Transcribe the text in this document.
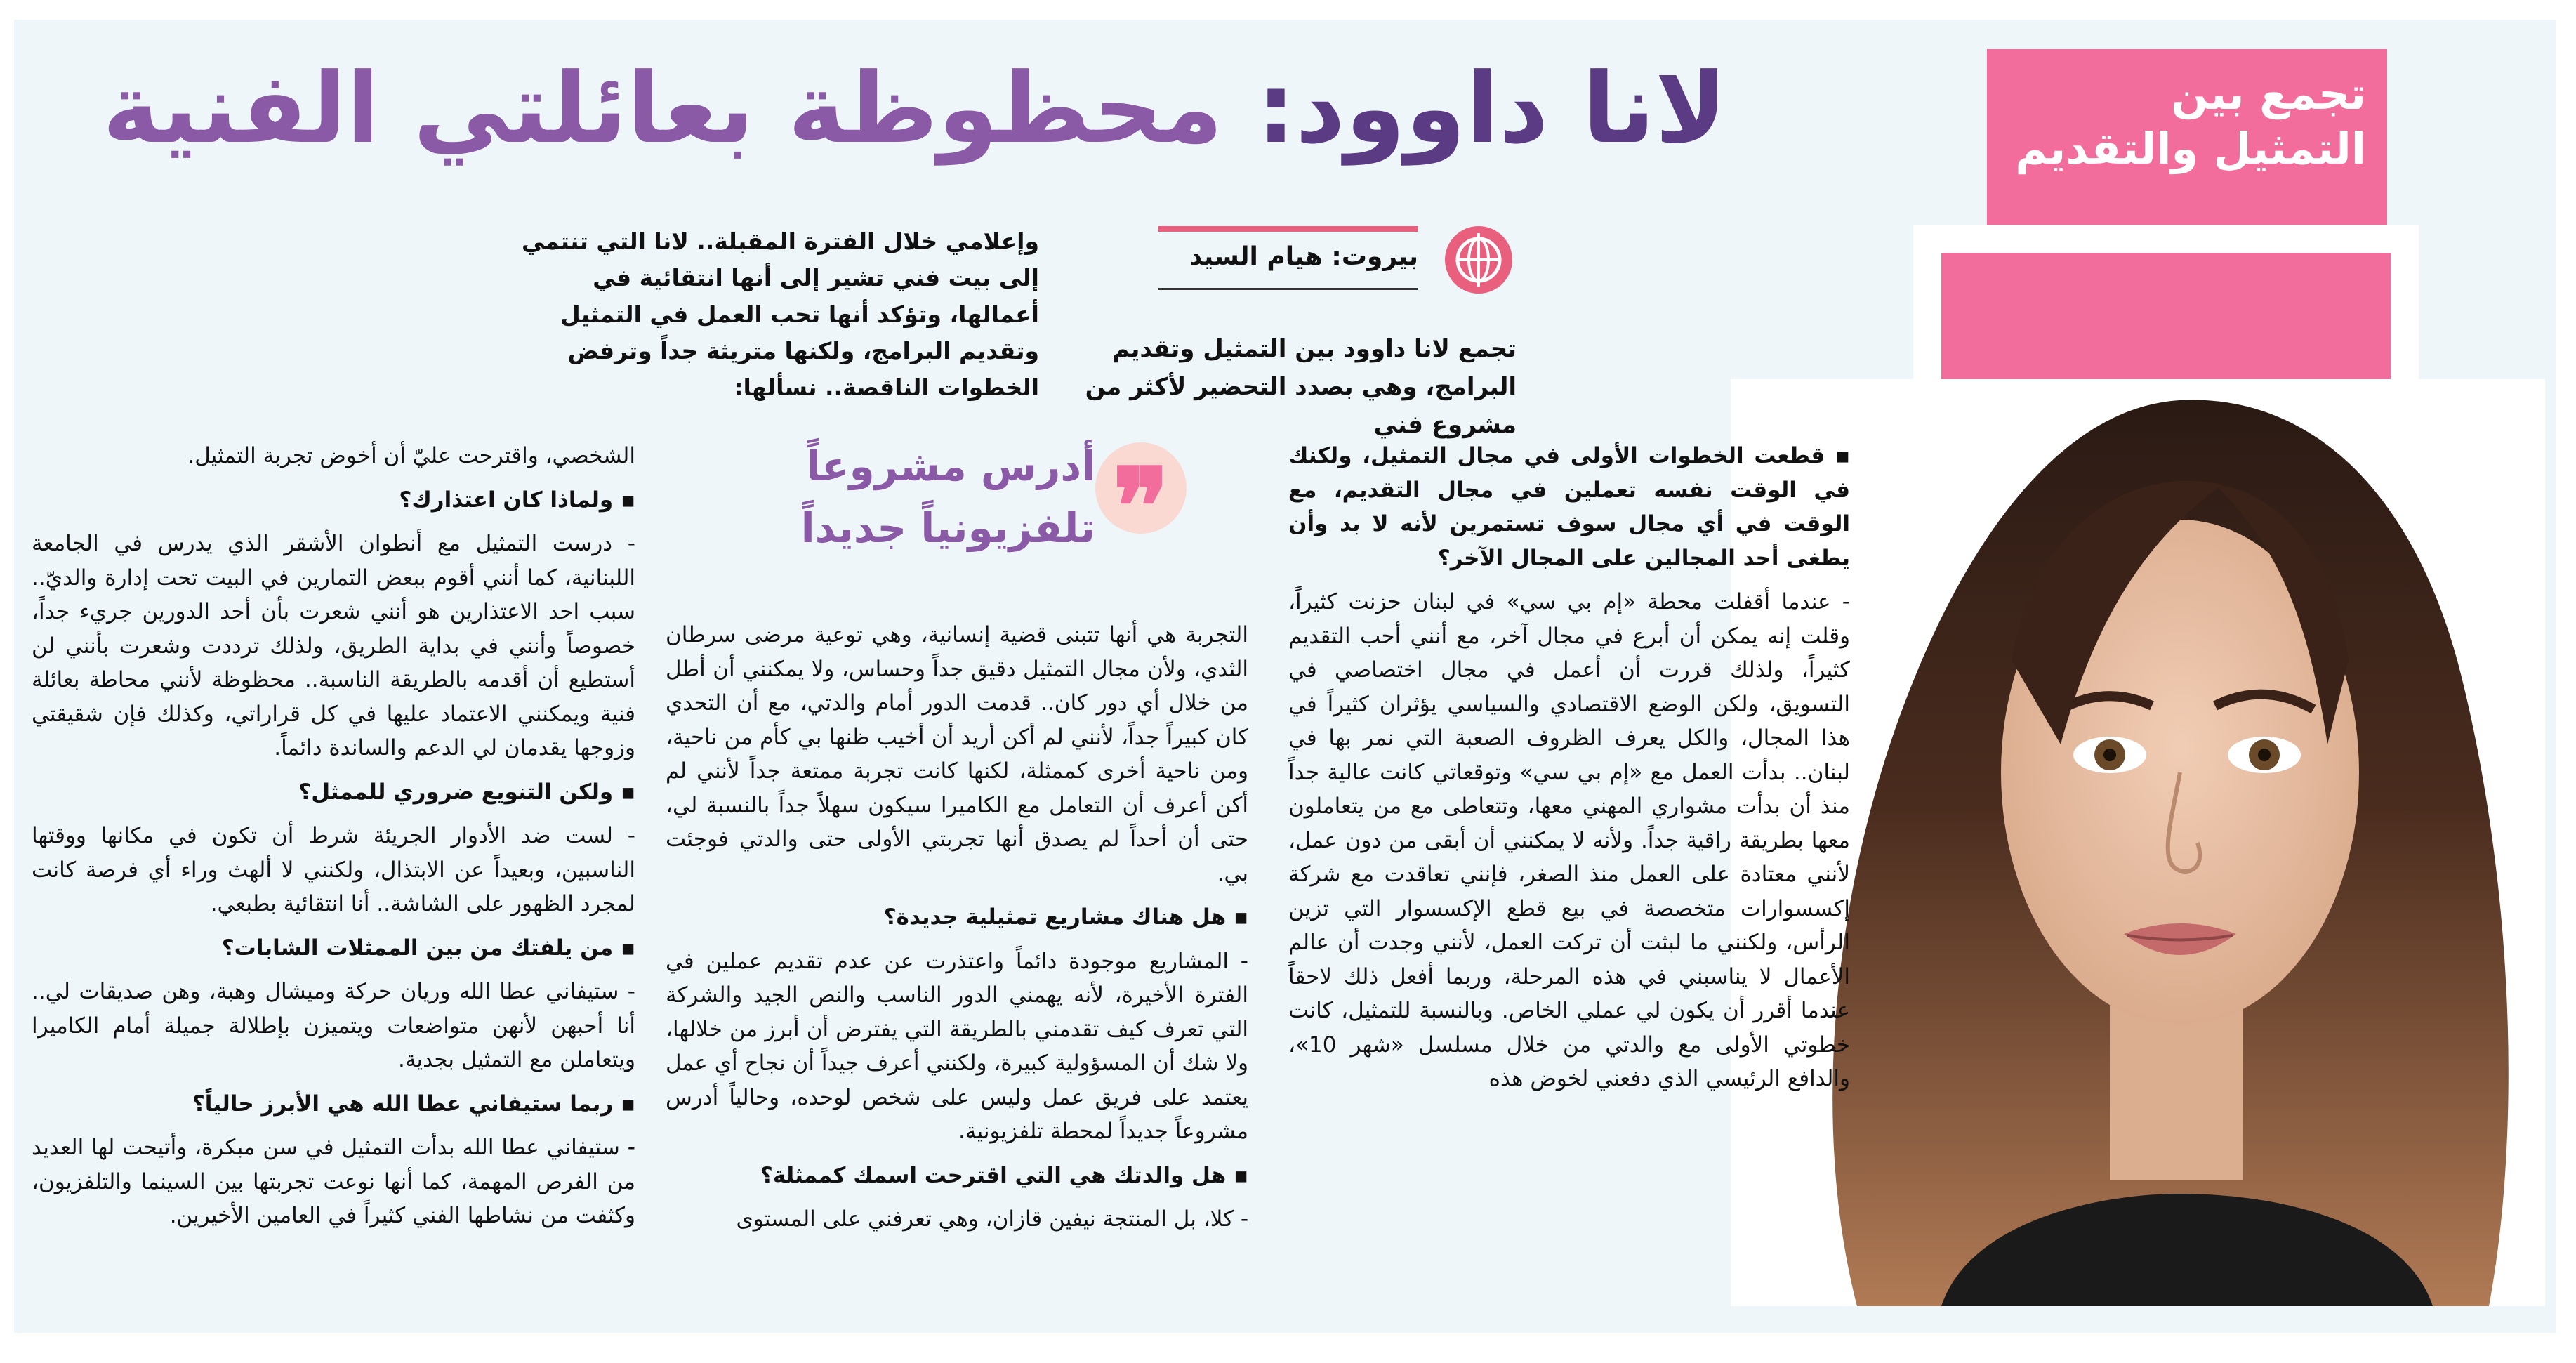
تجمع بين التمثيل والتقديم
لانا داوود: محظوظة بعائلتي الفنية
بيروت: هيام السيد
تجمع لانا داوود بين التمثيل وتقديم البرامج، وهي بصدد التحضير لأكثر من مشروع فني
وإعلامي خلال الفترة المقبلة.. لانا التي تنتمي إلى بيت فني تشير إلى أنها انتقائية في أعمالها، وتؤكد أنها تحب العمل في التمثيل وتقديم البرامج، ولكنها متريثة جداً وترفض الخطوات الناقصة.. نسألها:
❞
أدرس مشروعاً تلفزيونياً جديداً

▪ قطعت الخطوات الأولى في مجال التمثيل، ولكنك في الوقت نفسه تعملين في مجال التقديم، مع الوقت في أي مجال سوف تستمرين لأنه لا بد وأن يطغى أحد المجالين على المجال الآخر؟

- عندما أقفلت محطة «إم بي سي» في لبنان حزنت كثيراً، وقلت إنه يمكن أن أبرع في مجال آخر، مع أنني أحب التقديم كثيراً، ولذلك قررت أن أعمل في مجال اختصاصي في التسويق، ولكن الوضع الاقتصادي والسياسي يؤثران كثيراً في هذا المجال، والكل يعرف الظروف الصعبة التي نمر بها في لبنان.. بدأت العمل مع «إم بي سي» وتوقعاتي كانت عالية جداً منذ أن بدأت مشواري المهني معها، وتتعاطى مع من يتعاملون معها بطريقة راقية جداً. ولأنه لا يمكنني أن أبقى من دون عمل، لأنني معتادة على العمل منذ الصغر، فإنني تعاقدت مع شركة إكسسوارات متخصصة في بيع قطع الإكسسوار التي تزين الرأس، ولكنني ما لبثت أن تركت العمل، لأنني وجدت أن عالم الأعمال لا يناسبني في هذه المرحلة، وربما أفعل ذلك لاحقاً عندما أقرر أن يكون لي عملي الخاص. وبالنسبة للتمثيل، كانت خطوتي الأولى مع والدتي من خلال مسلسل «شهر 10»، والدافع الرئيسي الذي دفعني لخوض هذه

التجربة هي أنها تتبنى قضية إنسانية، وهي توعية مرضى سرطان الثدي، ولأن مجال التمثيل دقيق جداً وحساس، ولا يمكنني أن أطل من خلال أي دور كان.. قدمت الدور أمام والدتي، مع أن التحدي كان كبيراً جداً، لأنني لم أكن أريد أن أخيب ظنها بي كأم من ناحية، ومن ناحية أخرى كممثلة، لكنها كانت تجربة ممتعة جداً لأنني لم أكن أعرف أن التعامل مع الكاميرا سيكون سهلاً جداً بالنسبة لي، حتى أن أحداً لم يصدق أنها تجربتي الأولى حتى والدتي فوجئت بي.

▪ هل هناك مشاريع تمثيلية جديدة؟

- المشاريع موجودة دائماً واعتذرت عن عدم تقديم عملين في الفترة الأخيرة، لأنه يهمني الدور الناسب والنص الجيد والشركة التي تعرف كيف تقدمني بالطريقة التي يفترض أن أبرز من خلالها، ولا شك أن المسؤولية كبيرة، ولكنني أعرف جيداً أن نجاح أي عمل يعتمد على فريق عمل وليس على شخص لوحده، وحالياً أدرس مشروعاً جديداً لمحطة تلفزيونية.

▪ هل والدتك هي التي اقترحت اسمك كممثلة؟

- كلا، بل المنتجة نيفين قازان، وهي تعرفني على المستوى

الشخصي، واقترحت عليّ أن أخوض تجربة التمثيل.

▪ ولماذا كان اعتذارك؟

- درست التمثيل مع أنطوان الأشقر الذي يدرس في الجامعة اللبنانية، كما أنني أقوم ببعض التمارين في البيت تحت إدارة والديّ.. سبب احد الاعتذارين هو أنني شعرت بأن أحد الدورين جريء جداً، خصوصاً وأنني في بداية الطريق، ولذلك ترددت وشعرت بأنني لن أستطيع أن أقدمه بالطريقة الناسبة.. محظوظة لأنني محاطة بعائلة فنية ويمكنني الاعتماد عليها في كل قراراتي، وكذلك فإن شقيقتي وزوجها يقدمان لي الدعم والساندة دائماً.

▪ ولكن التنويع ضروري للممثل؟

- لست ضد الأدوار الجريئة شرط أن تكون في مكانها ووقتها الناسبين، وبعيداً عن الابتذال، ولكنني لا ألهث وراء أي فرصة كانت لمجرد الظهور على الشاشة.. أنا انتقائية بطبعي.

▪ من يلفتك من بين الممثلات الشابات؟

- ستيفاني عطا الله وريان حركة وميشال وهبة، وهن صديقات لي.. أنا أحبهن لأنهن متواضعات ويتميزن بإطلالة جميلة أمام الكاميرا ويتعاملن مع التمثيل بجدية.

▪ ربما ستيفاني عطا الله هي الأبرز حالياً؟

- ستيفاني عطا الله بدأت التمثيل في سن مبكرة، وأتيحت لها العديد من الفرص المهمة، كما أنها نوعت تجربتها بين السينما والتلفزيون، وكثفت من نشاطها الفني كثيراً في العامين الأخيرين.
